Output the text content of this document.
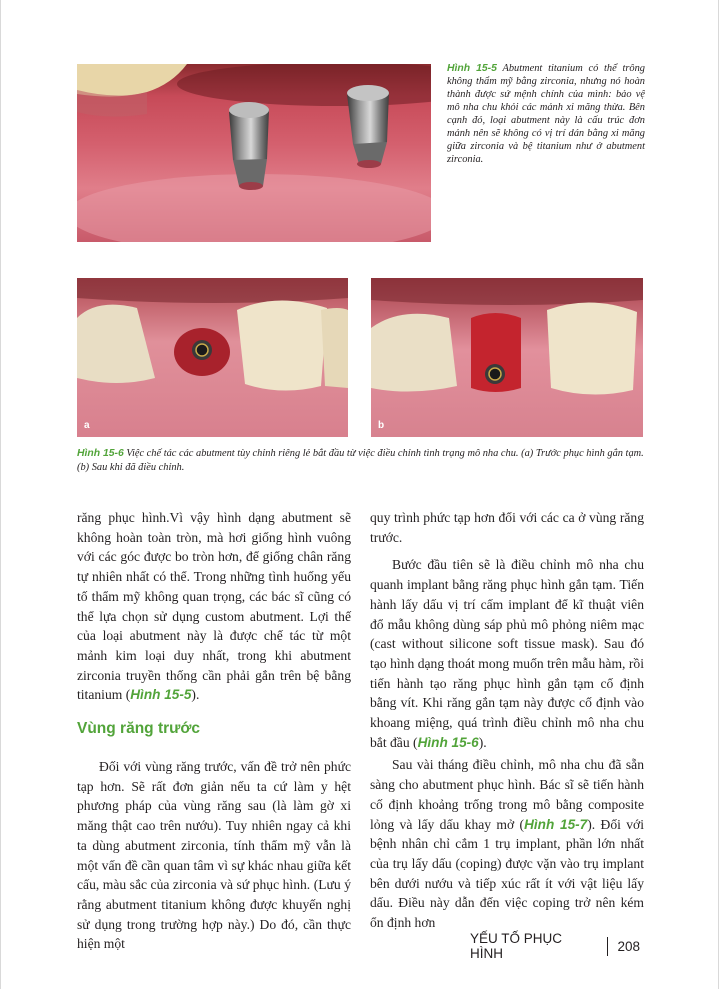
Hình 15-5 Abutment titanium có thể trông không thẩm mỹ bằng zirconia, nhưng nó hoàn thành được sứ mệnh chính của mình: bảo vệ mô nha chu khỏi các mảnh xi măng thừa. Bên cạnh đó, loại abutment này là cấu trúc đơn mảnh nên sẽ không có vị trí dán bằng xi măng giữa zirconia và bệ titanium như ở abutment zirconia.
a	b
Hình 15-6 Việc chế tác các abutment tùy chỉnh riêng lẻ bắt đầu từ việc điều chỉnh tình trạng mô nha chu. (a) Trước phục hình gắn tạm. (b) Sau khi đã điều chỉnh.

răng phục hình.Vì vậy hình dạng abutment sẽ không hoàn toàn tròn, mà hơi giống hình vuông với các góc được bo tròn hơn, để giống chân răng tự nhiên nhất có thể. Trong những tình huống yếu tố thẩm mỹ không quan trọng, các bác sĩ cũng có thể lựa chọn sử dụng custom abutment. Lợi thế của loại abutment này là được chế tác từ một mảnh kim loại duy nhất, trong khi abutment zirconia truyền thống cần phải gắn trên bệ bằng titanium (Hình 15-5).

Vùng răng trước

Đối với vùng răng trước, vấn đề trở nên phức tạp hơn. Sẽ rất đơn giản nếu ta cứ làm y hệt phương pháp của vùng răng sau (là làm gờ xi măng thật cao trên nướu). Tuy nhiên ngay cả khi ta dùng abutment zirconia, tính thẩm mỹ vẫn là một vấn đề cần quan tâm vì sự khác nhau giữa kết cấu, màu sắc của zirconia và sứ phục hình. (Lưu ý rằng abutment titanium không được khuyến nghị sử dụng trong trường hợp này.) Do đó, cần thực hiện một

quy trình phức tạp hơn đối với các ca ở vùng răng trước.

Bước đầu tiên sẽ là điều chỉnh mô nha chu quanh implant bằng răng phục hình gắn tạm. Tiến hành lấy dấu vị trí cấm implant để kĩ thuật viên đổ mẫu không dùng sáp phủ mô phỏng niêm mạc (cast without silicone soft tissue mask). Sau đó tạo hình dạng thoát mong muốn trên mẫu hàm, rồi tiến hành tạo răng phục hình gắn tạm cố định bằng vít. Khi răng gắn tạm này được cố định vào khoang miệng, quá trình điều chỉnh mô nha chu bắt đầu (Hình 15-6).

Sau vài tháng điều chỉnh, mô nha chu đã sẵn sàng cho abutment phục hình. Bác sĩ sẽ tiến hành cố định khoảng trống trong mô bằng composite lỏng và lấy dấu khay mở (Hình 15-7). Đối với bệnh nhân chỉ cắm 1 trụ implant, phần lớn nhất của trụ lấy dấu (coping) được vặn vào trụ implant bên dưới nướu và tiếp xúc rất ít với vật liệu lấy dấu. Điều này dẫn đến việc coping trở nên kém ổn định hơn

YẾU TỐ PHỤC HÌNH	208
